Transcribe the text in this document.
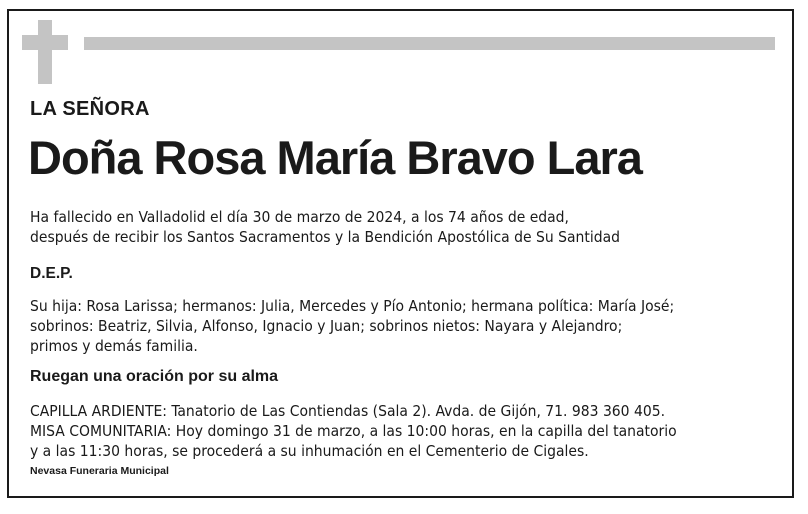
LA SEÑORA
Doña Rosa María Bravo Lara
Ha fallecido en Valladolid el día 30 de marzo de 2024, a los 74 años de edad,
después de recibir los Santos Sacramentos y la Bendición Apostólica de Su Santidad
D.E.P.
Su hija: Rosa Larissa; hermanos: Julia, Mercedes y Pío Antonio; hermana política: María José;
sobrinos: Beatriz, Silvia, Alfonso, Ignacio y Juan; sobrinos nietos: Nayara y Alejandro;
primos y demás familia.
Ruegan una oración por su alma
CAPILLA ARDIENTE: Tanatorio de Las Contiendas (Sala 2). Avda. de Gijón, 71. 983 360 405.
MISA COMUNITARIA: Hoy domingo 31 de marzo, a las 10:00 horas, en la capilla del tanatorio
y a las 11:30 horas, se procederá a su inhumación en el Cementerio de Cigales.
Nevasa Funeraria Municipal
